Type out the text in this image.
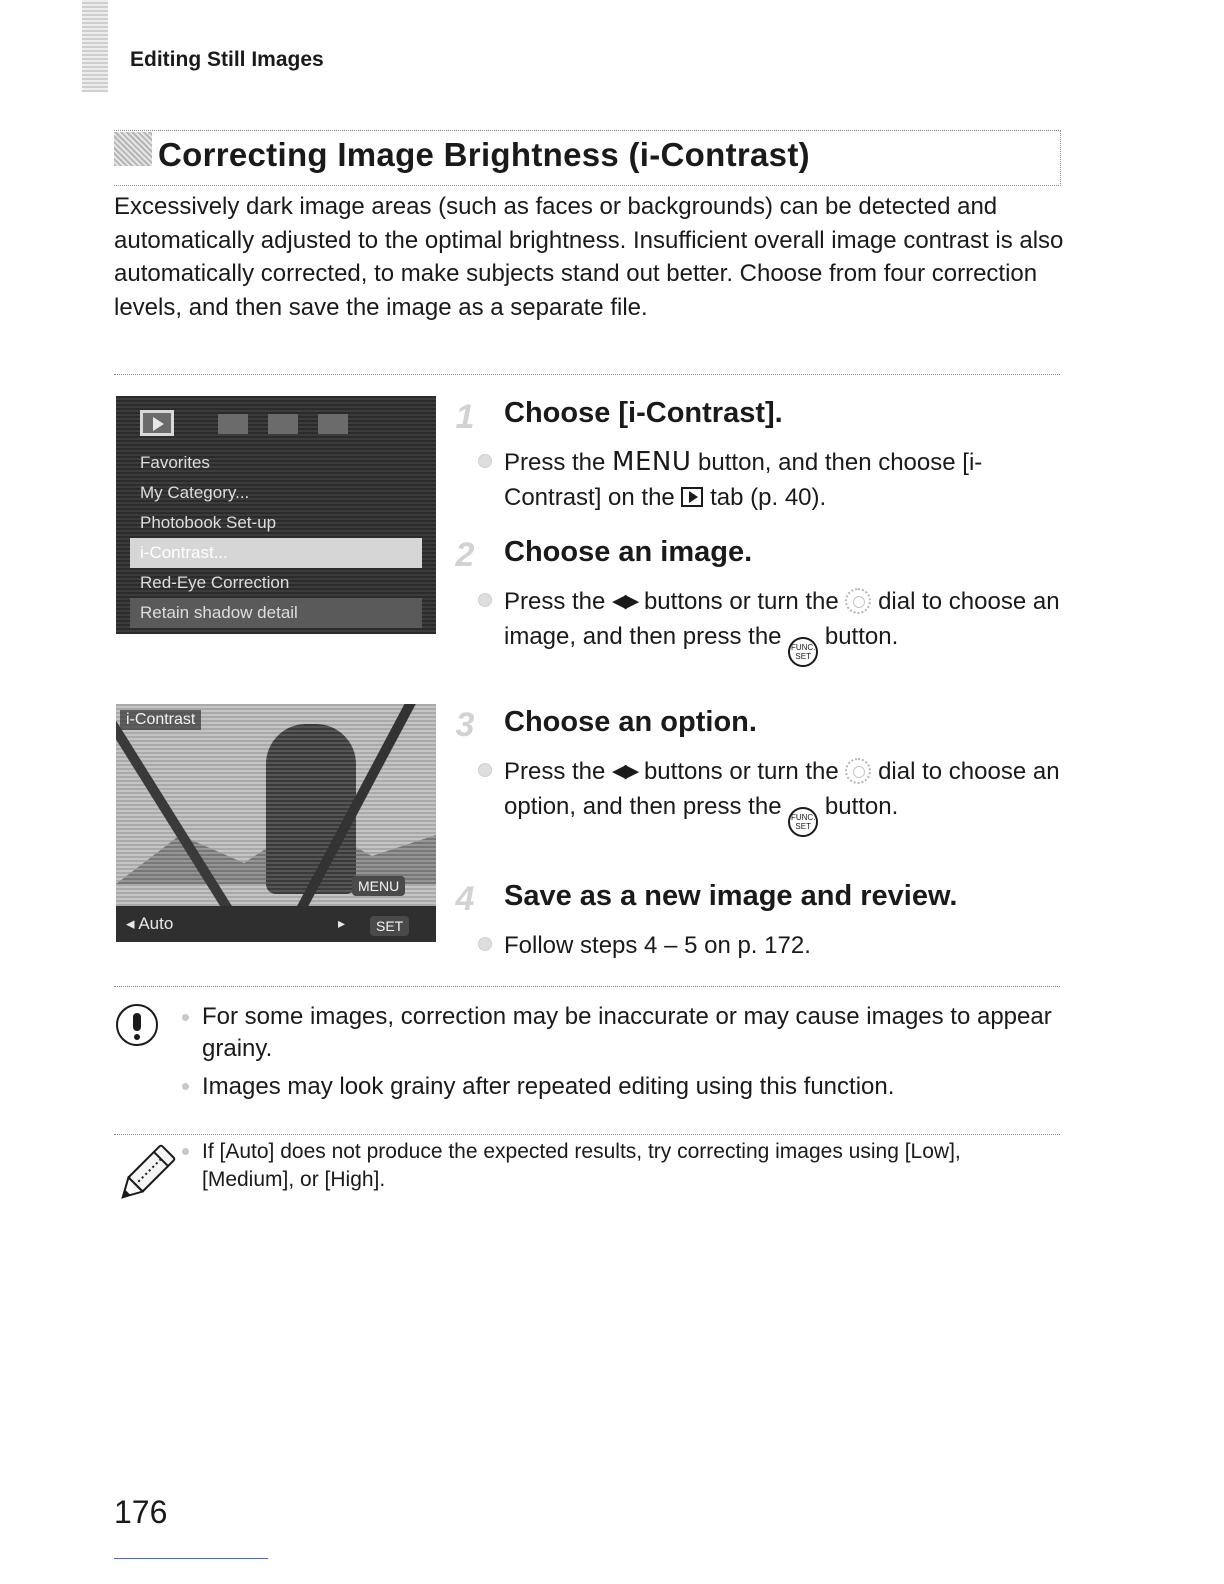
Editing Still Images
Correcting Image Brightness (i-Contrast)

Excessively dark image areas (such as faces or backgrounds) can be detected and automatically adjusted to the optimal brightness. Insufficient overall image contrast is also automatically corrected, to make subjects stand out better. Choose from four correction levels, and then save the image as a separate file.

Favorites
My Category...
Photobook Set-up
i-Contrast...
Red-Eye Correction
Retain shadow detail
i-Contrast
MENU
◂ Auto	▸	SET
1 Choose [i-Contrast].

Press the MENU button, and then choose [i-Contrast] on the  tab (p. 40).

2 Choose an image.

Press the ◀▶ buttons or turn the  dial to choose an image, and then press the FUNC.
SET
button.

3 Choose an option.

Press the ◀▶ buttons or turn the  dial to choose an option, and then press the FUNC.
SET
button.

4 Save as a new image and review.

Follow steps 4 – 5 on p. 172.

For some images, correction may be inaccurate or may cause images to appear grainy.

Images may look grainy after repeated editing using this function.

If [Auto] does not produce the expected results, try correcting images using [Low], [Medium], or [High].

176
